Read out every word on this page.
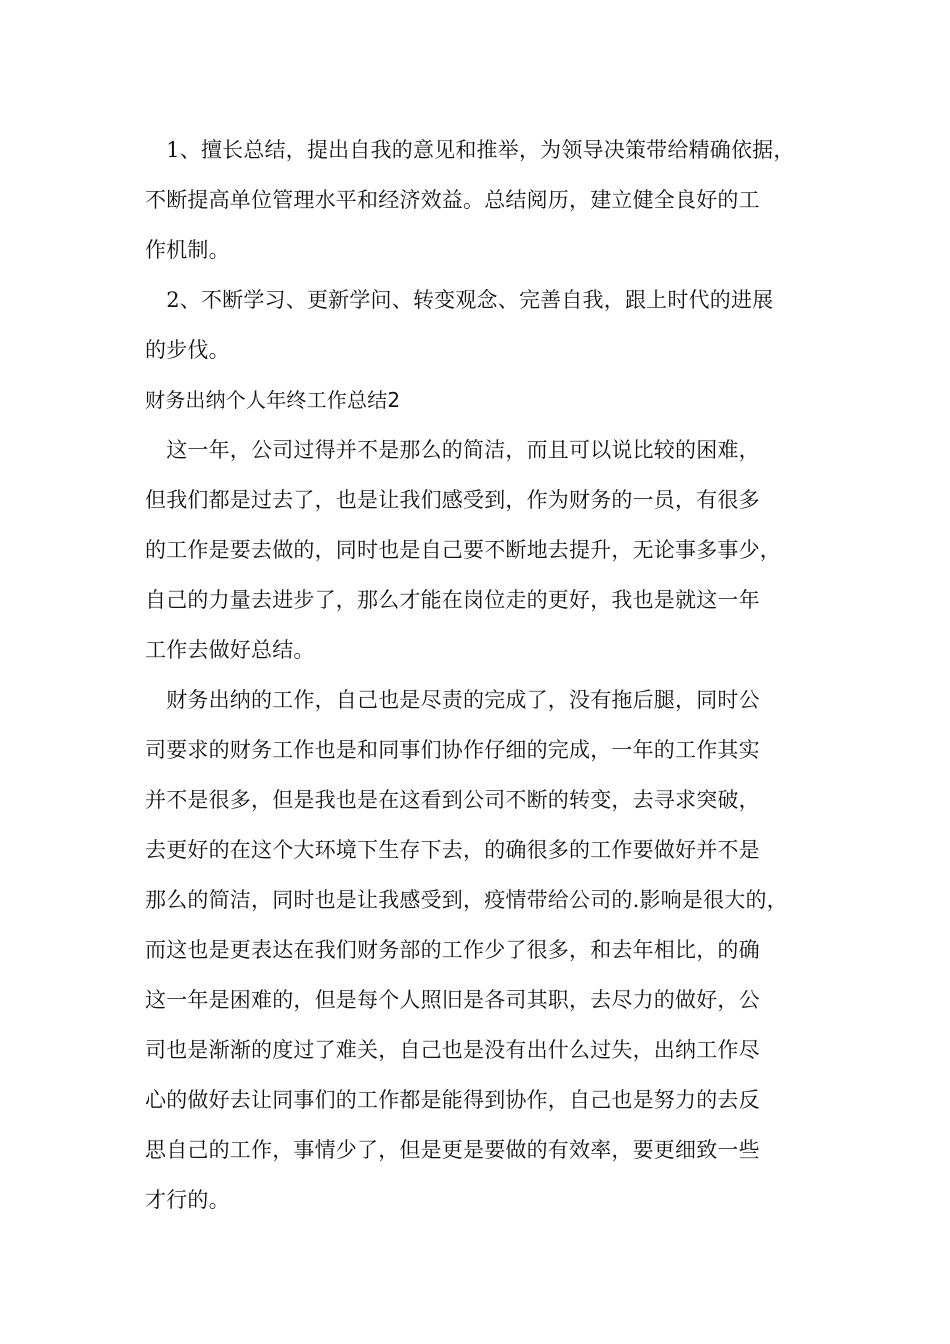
　1、擅长总结，提出自我的意见和推举，为领导决策带给精确依据，
不断提高单位管理水平和经济效益。总结阅历，建立健全良好的工
作机制。
　2、不断学习、更新学问、转变观念、完善自我，跟上时代的进展
的步伐。
财务出纳个人年终工作总结2
　这一年，公司过得并不是那么的简洁，而且可以说比较的困难，
但我们都是过去了，也是让我们感受到，作为财务的一员，有很多
的工作是要去做的，同时也是自己要不断地去提升，无论事多事少，
自己的力量去进步了，那么才能在岗位走的更好，我也是就这一年
工作去做好总结。
　财务出纳的工作，自己也是尽责的完成了，没有拖后腿，同时公
司要求的财务工作也是和同事们协作仔细的完成，一年的工作其实
并不是很多，但是我也是在这看到公司不断的转变，去寻求突破，
去更好的在这个大环境下生存下去，的确很多的工作要做好并不是
那么的简洁，同时也是让我感受到，疫情带给公司的.影响是很大的，
而这也是更表达在我们财务部的工作少了很多，和去年相比，的确
这一年是困难的，但是每个人照旧是各司其职，去尽力的做好，公
司也是渐渐的度过了难关，自己也是没有出什么过失，出纳工作尽
心的做好去让同事们的工作都是能得到协作，自己也是努力的去反
思自己的工作，事情少了，但是更是要做的有效率，要更细致一些
才行的。
